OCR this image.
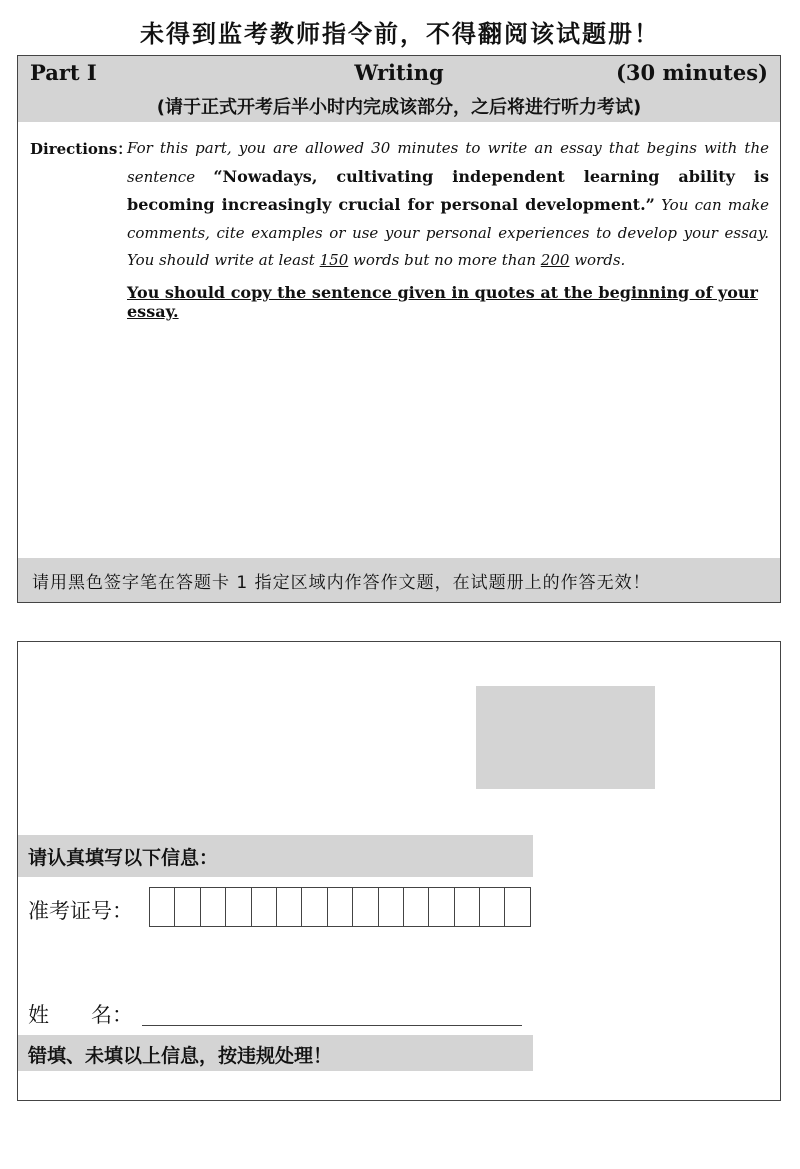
未得到监考教师指令前，不得翻阅该试题册！
Writing
Part Ⅰ	(30 minutes)
(请于正式开考后半小时内完成该部分，之后将进行听力考试)
Directions：
For this part, you are allowed 30 minutes to write an essay that begins with the sentence “Nowadays, cultivating independent learning ability is becoming increasingly crucial for personal development.” You can make comments, cite examples or use your personal experiences to develop your essay. You should write at least 150 words but no more than 200 words.
You should copy the sentence given in quotes at the beginning of your essay.
请用黑色签字笔在答题卡 1 指定区域内作答作文题，在试题册上的作答无效！
请认真填写以下信息：
准考证号：
姓　　名：
错填、未填以上信息，按违规处理！
